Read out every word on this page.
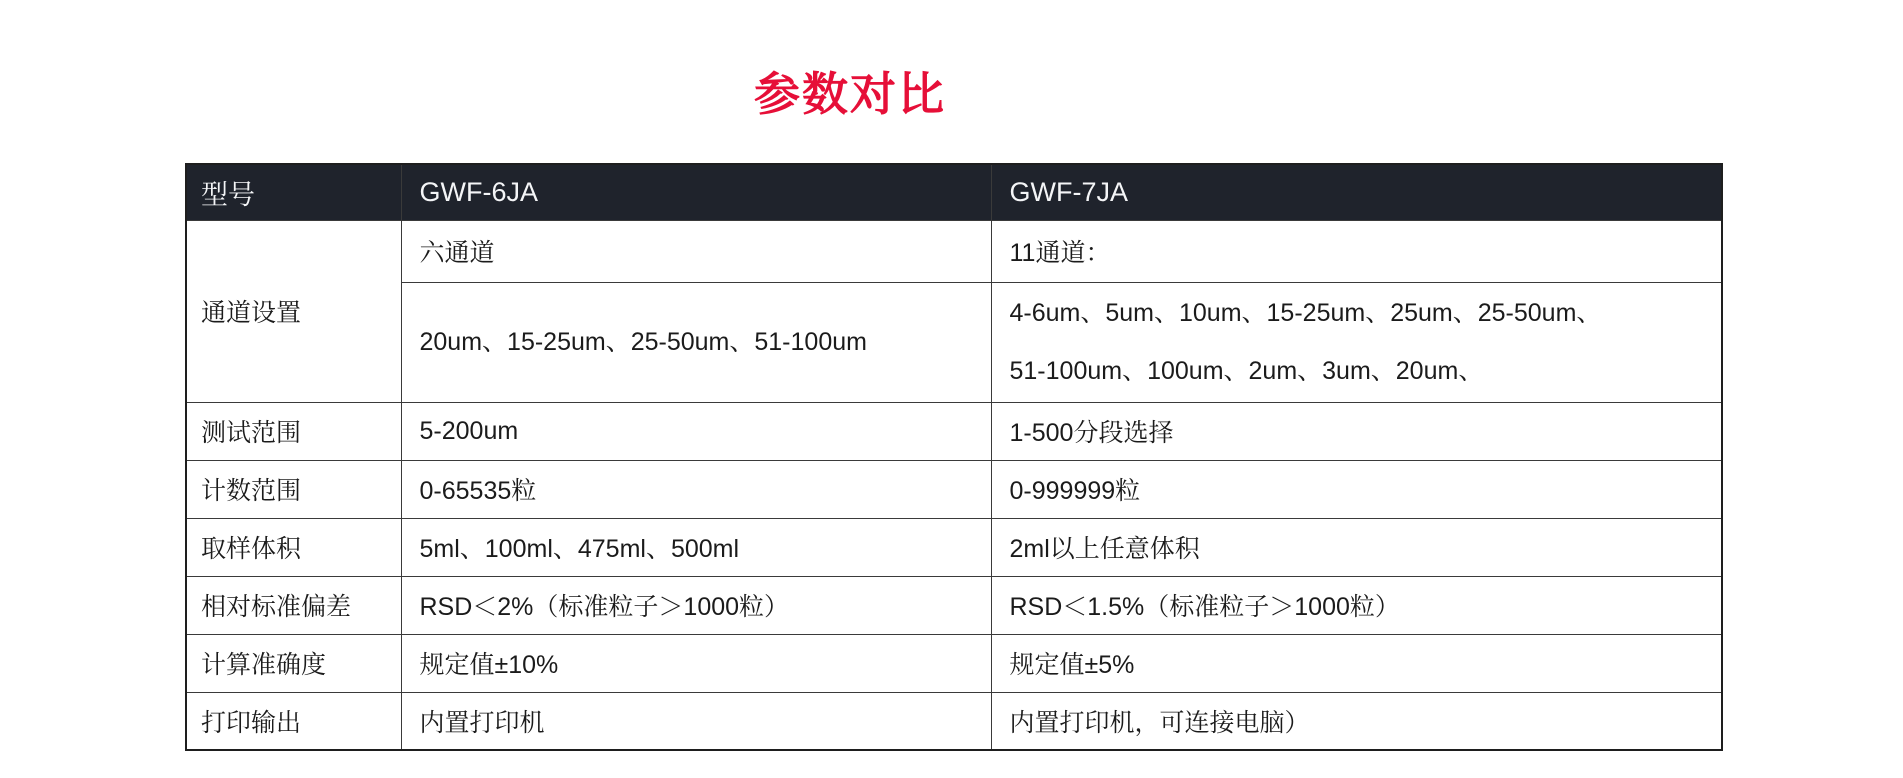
参数对比
型号	GWF-6JA	GWF-7JA
通道设置	六通道	11通道：
	20um、15-25um、25-50um、51-100um	4-6um、5um、10um、15-25um、25um、25-50um、
51-100um、100um、2um、3um、20um、
测试范围	5-200um	1-500分段选择
计数范围	0-65535粒	0-999999粒
取样体积	5ml、100ml、475ml、500ml	2ml以上任意体积
相对标准偏差	RSD＜2%（标准粒子＞1000粒）	RSD＜1.5%（标准粒子＞1000粒）
计算准确度	规定值±10%	规定值±5%
打印输出	内置打印机	内置打印机，可连接电脑）
